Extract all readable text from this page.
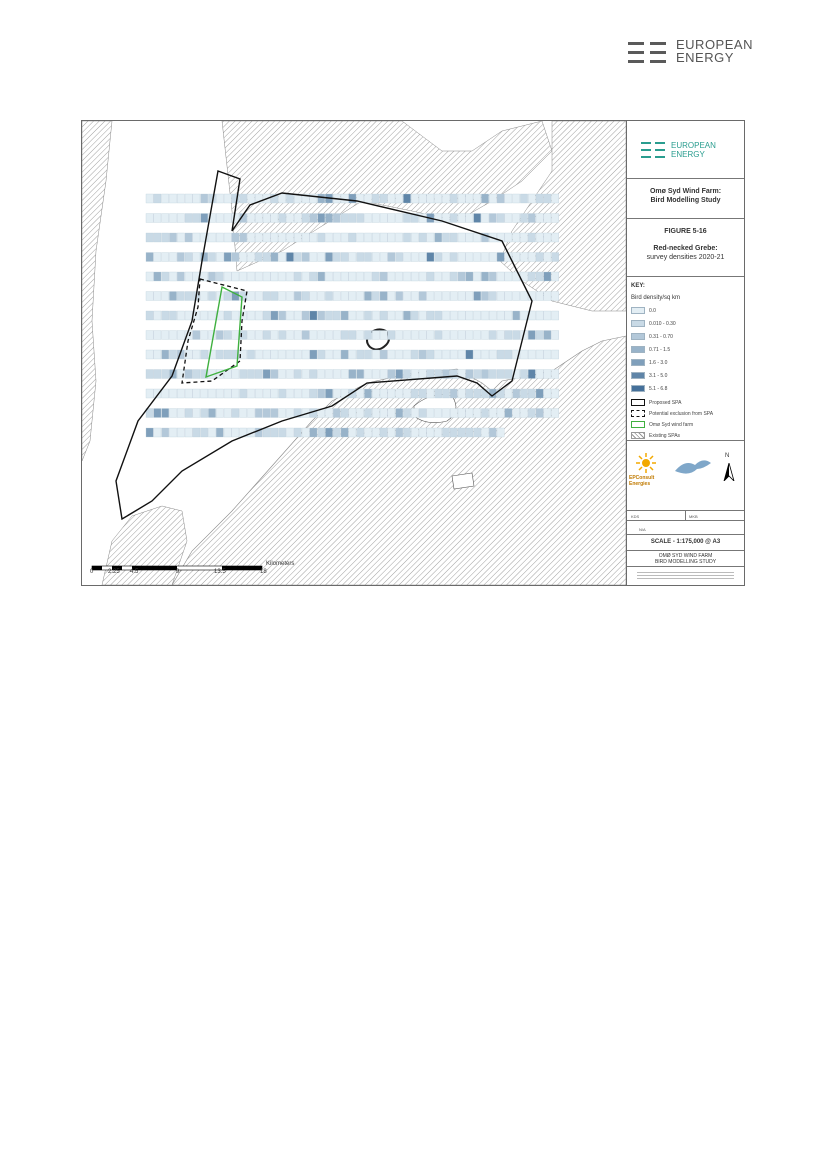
EUROPEAN
ENERGY
0 2.25 4.5	9	13.5	18
Kilometers
EUROPEAN
ENERGY
Omø Syd Wind Farm:
Bird Modelling Study
FIGURE 5-16
Red-necked Grebe:
survey densities 2020-21
KEY:
Bird density/sq km
0.0
0.010 - 0.30
0.31 - 0.70
0.71 - 1.5
1.6 - 3.0
3.1 - 5.0
5.1 - 6.8
Proposed SPA
Potential exclusion from SPA
Omø Syd wind farm
Existing SPAs
EPConsult Energies
N
KDS	MKB
N/A
SCALE - 1:175,000 @ A3
OMØ SYD WIND FARM
BIRD MODELLING STUDY
